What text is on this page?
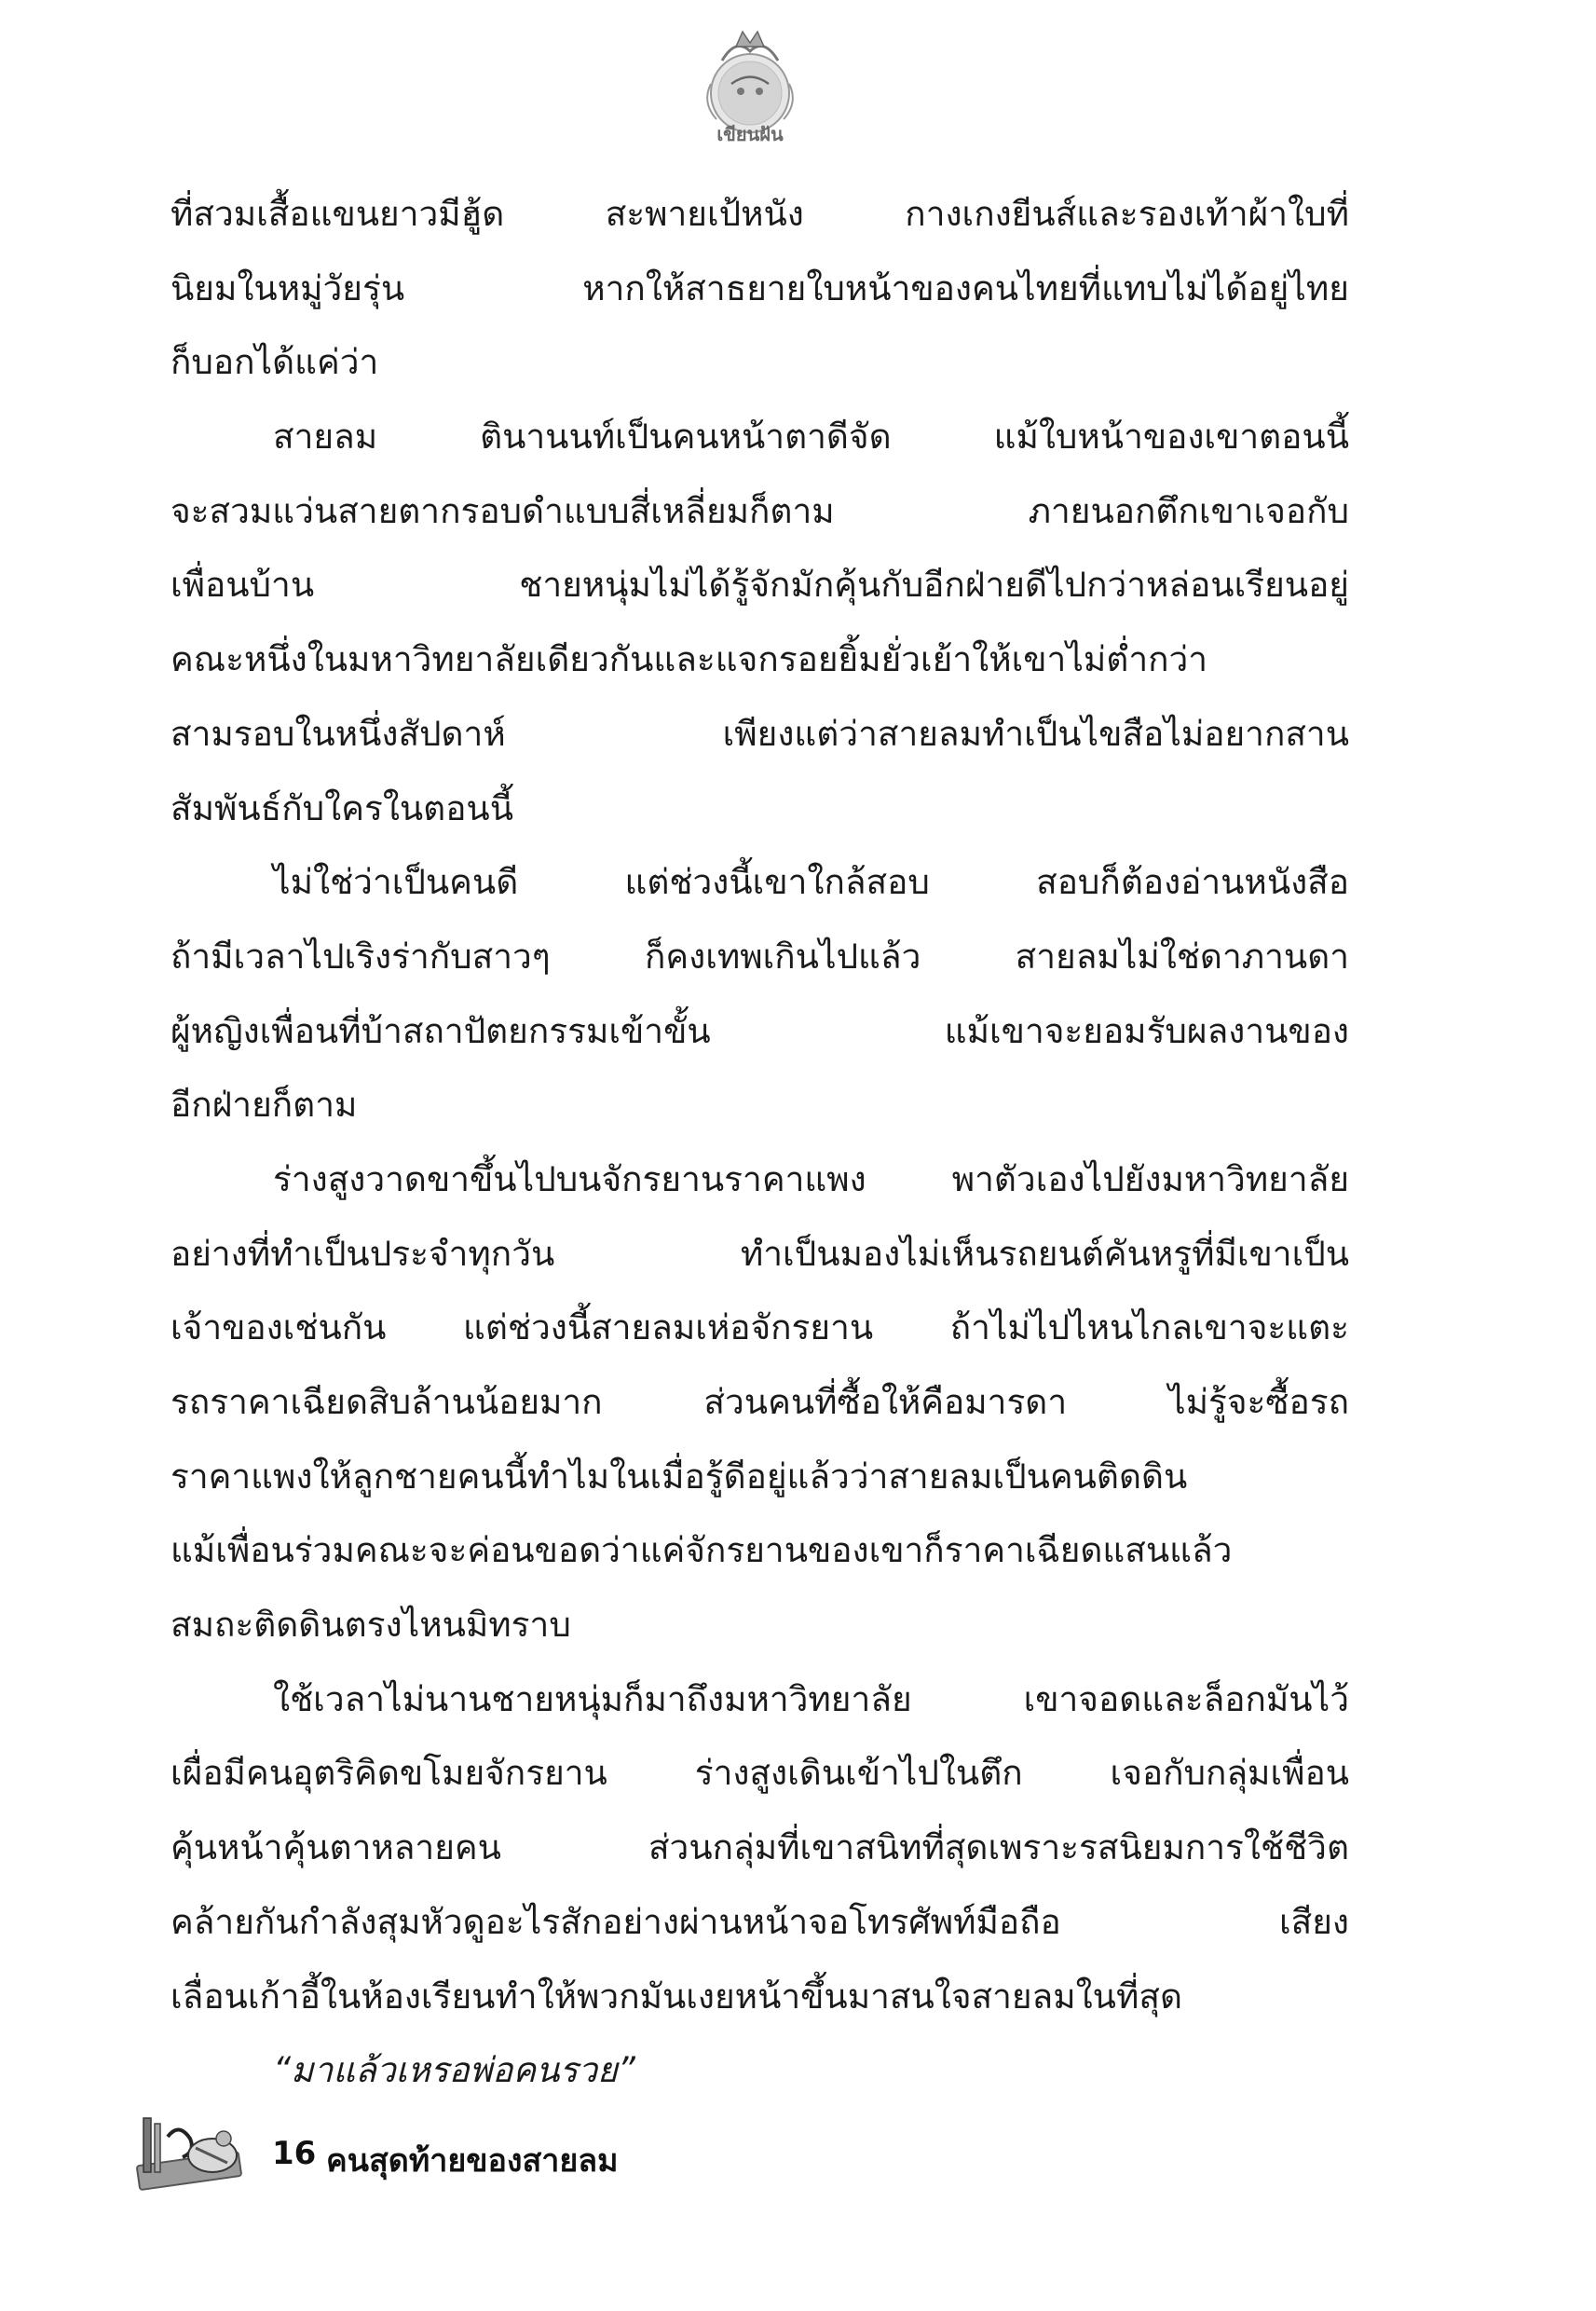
เขียนฝัน
ที่สวมเสื้อแขนยาวมีฮู้ด สะพายเป้หนัง กางเกงยีนส์และรองเท้าผ้าใบที่
นิยมในหมู่วัยรุ่น หากให้สาธยายใบหน้าของคนไทยที่แทบไม่ได้อยู่ไทย
ก็บอกได้แค่ว่า
สายลม ตินานนท์เป็นคนหน้าตาดีจัด แม้ใบหน้าของเขาตอนนี้
จะสวมแว่นสายตากรอบดำแบบสี่เหลี่ยมก็ตาม ภายนอกตึกเขาเจอกับ
เพื่อนบ้าน ชายหนุ่มไม่ได้รู้จักมักคุ้นกับอีกฝ่ายดีไปกว่าหล่อนเรียนอยู่
คณะหนึ่งในมหาวิทยาลัยเดียวกันและแจกรอยยิ้มยั่วเย้าให้เขาไม่ต่ำกว่า
สามรอบในหนึ่งสัปดาห์ เพียงแต่ว่าสายลมทำเป็นไขสือไม่อยากสาน
สัมพันธ์กับใครในตอนนี้
ไม่ใช่ว่าเป็นคนดี แต่ช่วงนี้เขาใกล้สอบ สอบก็ต้องอ่านหนังสือ
ถ้ามีเวลาไปเริงร่ากับสาวๆ ก็คงเทพเกินไปแล้ว สายลมไม่ใช่ดาภานดา
ผู้หญิงเพื่อนที่บ้าสถาปัตยกรรมเข้าขั้น แม้เขาจะยอมรับผลงานของ
อีกฝ่ายก็ตาม
ร่างสูงวาดขาขึ้นไปบนจักรยานราคาแพง พาตัวเองไปยังมหาวิทยาลัย
อย่างที่ทำเป็นประจำทุกวัน ทำเป็นมองไม่เห็นรถยนต์คันหรูที่มีเขาเป็น
เจ้าของเช่นกัน แต่ช่วงนี้สายลมเห่อจักรยาน ถ้าไม่ไปไหนไกลเขาจะแตะ
รถราคาเฉียดสิบล้านน้อยมาก ส่วนคนที่ซื้อให้คือมารดา ไม่รู้จะซื้อรถ
ราคาแพงให้ลูกชายคนนี้ทำไมในเมื่อรู้ดีอยู่แล้วว่าสายลมเป็นคนติดดิน
แม้เพื่อนร่วมคณะจะค่อนขอดว่าแค่จักรยานของเขาก็ราคาเฉียดแสนแล้ว
สมถะติดดินตรงไหนมิทราบ
ใช้เวลาไม่นานชายหนุ่มก็มาถึงมหาวิทยาลัย เขาจอดและล็อกมันไว้
เผื่อมีคนอุตริคิดขโมยจักรยาน ร่างสูงเดินเข้าไปในตึก เจอกับกลุ่มเพื่อน
คุ้นหน้าคุ้นตาหลายคน ส่วนกลุ่มที่เขาสนิทที่สุดเพราะรสนิยมการใช้ชีวิต
คล้ายกันกำลังสุมหัวดูอะไรสักอย่างผ่านหน้าจอโทรศัพท์มือถือ เสียง
เลื่อนเก้าอี้ในห้องเรียนทำให้พวกมันเงยหน้าขึ้นมาสนใจสายลมในที่สุด
“มาแล้วเหรอพ่อคนรวย”
16 คนสุดท้ายของสายลม
